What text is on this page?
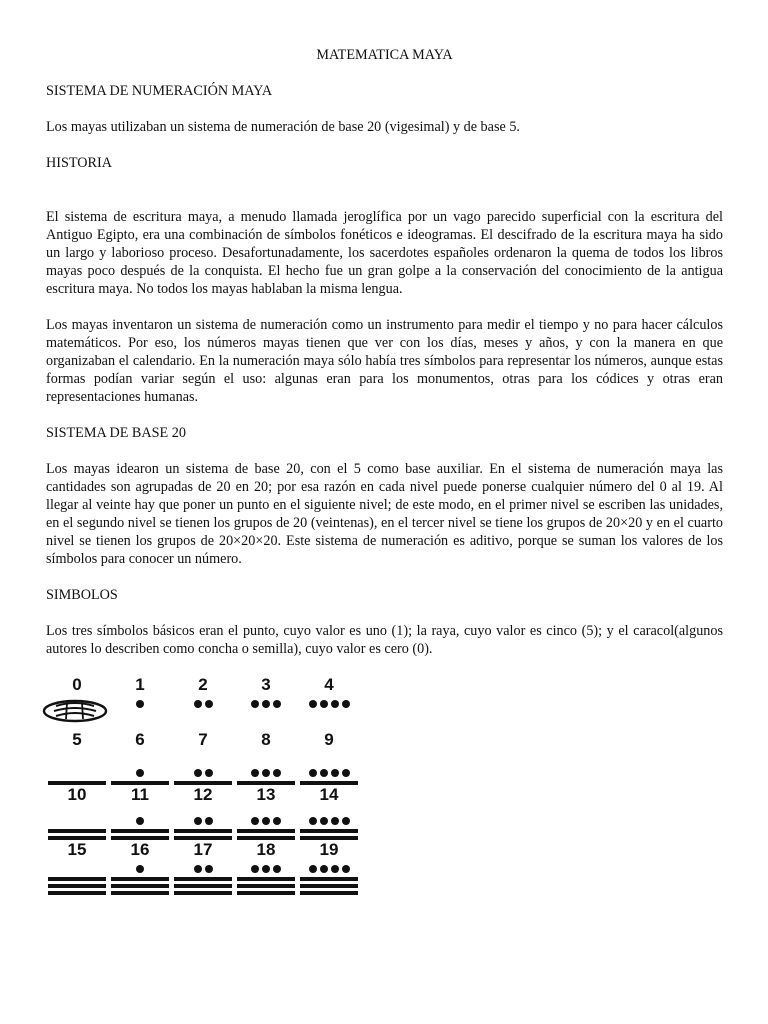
MATEMATICA MAYA

SISTEMA DE NUMERACIÓN MAYA

Los mayas utilizaban un sistema de numeración de base 20 (vigesimal) y de base 5.

HISTORIA

El sistema de escritura maya, a menudo llamada jeroglífica por un vago parecido superficial con la escritura del Antiguo Egipto, era una combinación de símbolos fonéticos e ideogramas. El descifrado de la escritura maya ha sido un largo y laborioso proceso. Desafortunadamente, los sacerdotes españoles ordenaron la quema de todos los libros mayas poco después de la conquista. El hecho fue un gran golpe a la conservación del conocimiento de la antigua escritura maya. No todos los mayas hablaban la misma lengua.

Los mayas inventaron un sistema de numeración como un instrumento para medir el tiempo y no para hacer cálculos matemáticos. Por eso, los números mayas tienen que ver con los días, meses y años, y con la manera en que organizaban el calendario. En la numeración maya sólo había tres símbolos para representar los números, aunque estas formas podían variar según el uso: algunas eran para los monumentos, otras para los códices y otras eran representaciones humanas.

SISTEMA DE BASE 20

Los mayas idearon un sistema de base 20, con el 5 como base auxiliar. En el sistema de numeración maya las cantidades son agrupadas de 20 en 20; por esa razón en cada nivel puede ponerse cualquier número del 0 al 19. Al llegar al veinte hay que poner un punto en el siguiente nivel; de este modo, en el primer nivel se escriben las unidades, en el segundo nivel se tienen los grupos de 20 (veintenas), en el tercer nivel se tiene los grupos de 20×20 y en el cuarto nivel se tienen los grupos de 20×20×20. Este sistema de numeración es aditivo, porque se suman los valores de los símbolos para conocer un número.

SIMBOLOS

Los tres símbolos básicos eran el punto, cuyo valor es uno (1); la raya, cuyo valor es cinco (5); y el caracol(algunos autores lo describen como concha o semilla), cuyo valor es cero (0).

0	1	2	3	4
5	6	7	8	9
10	11	12	13	14
15	16	17	18	19
